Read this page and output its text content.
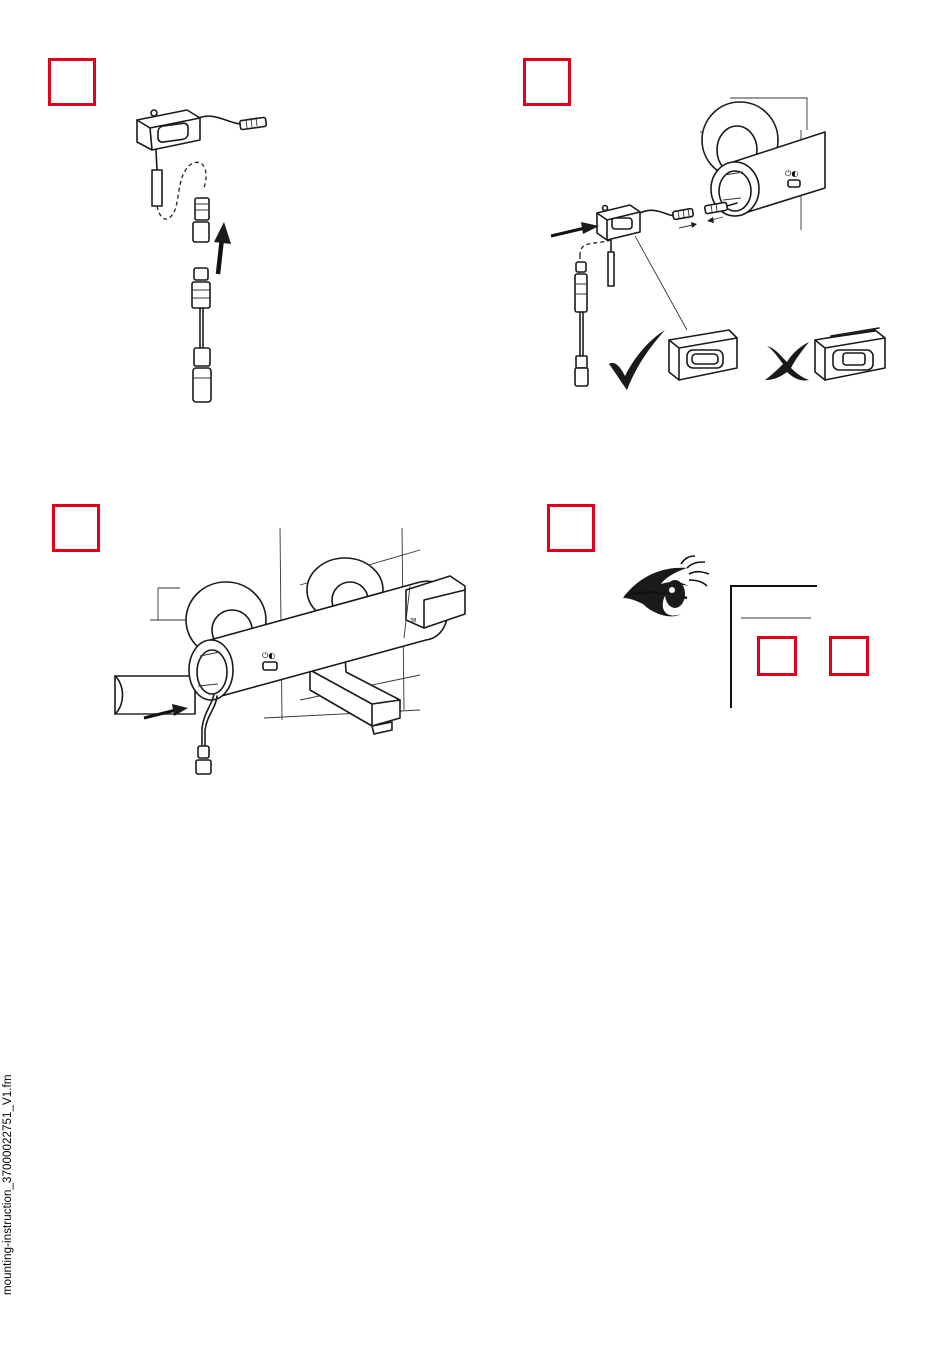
⏻◐
⏻◐
38
mounting-instruction_37000022751_V1.fm
